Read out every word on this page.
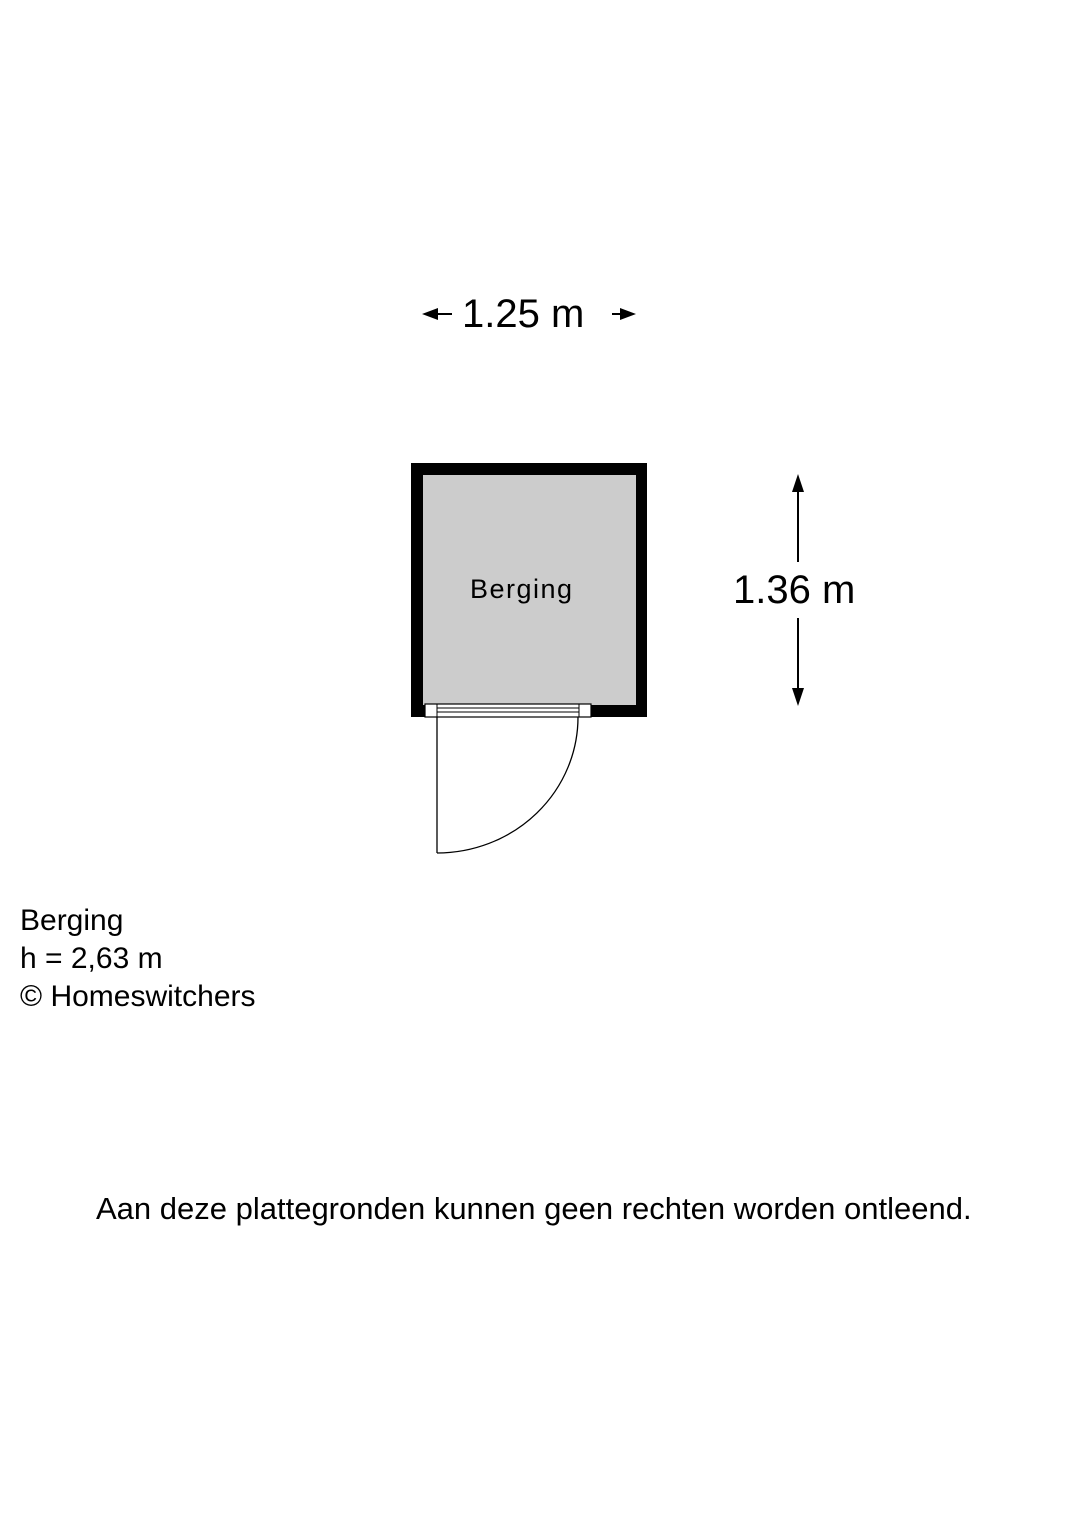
1.25 m
1.36 m
Berging
Berging
h = 2,63 m
© Homeswitchers
Aan deze plattegronden kunnen geen rechten worden ontleend.
